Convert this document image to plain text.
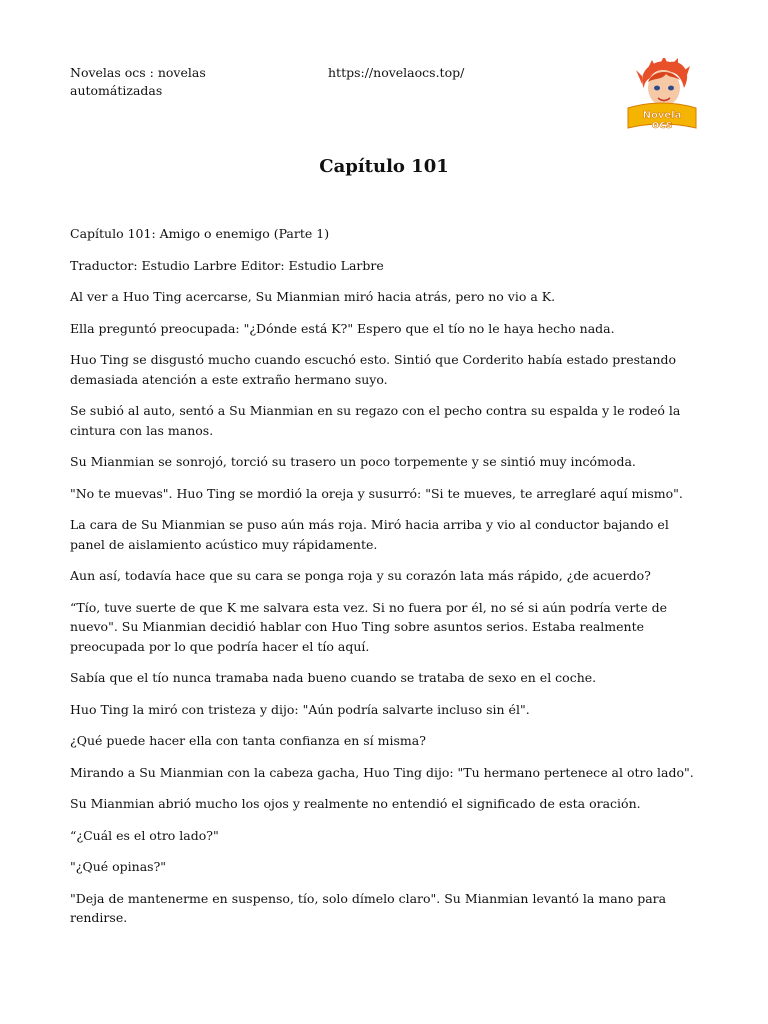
Novelas ocs : novelas automátizadas
https://novelaocs.top/
Novela
ocs
Capítulo 101

Capítulo 101: Amigo o enemigo (Parte 1)

Traductor: Estudio Larbre Editor: Estudio Larbre

Al ver a Huo Ting acercarse, Su Mianmian miró hacia atrás, pero no vio a K.

Ella preguntó preocupada: "¿Dónde está K?" Espero que el tío no le haya hecho nada.

Huo Ting se disgustó mucho cuando escuchó esto. Sintió que Corderito había estado prestando demasiada atención a este extraño hermano suyo.

Se subió al auto, sentó a Su Mianmian en su regazo con el pecho contra su espalda y le rodeó la cintura con las manos.

Su Mianmian se sonrojó, torció su trasero un poco torpemente y se sintió muy incómoda.

"No te muevas". Huo Ting se mordió la oreja y susurró: "Si te mueves, te arreglaré aquí mismo".

La cara de Su Mianmian se puso aún más roja. Miró hacia arriba y vio al conductor bajando el panel de aislamiento acústico muy rápidamente.

Aun así, todavía hace que su cara se ponga roja y su corazón lata más rápido, ¿de acuerdo?

“Tío, tuve suerte de que K me salvara esta vez. Si no fuera por él, no sé si aún podría verte de nuevo". Su Mianmian decidió hablar con Huo Ting sobre asuntos serios. Estaba realmente preocupada por lo que podría hacer el tío aquí.

Sabía que el tío nunca tramaba nada bueno cuando se trataba de sexo en el coche.

Huo Ting la miró con tristeza y dijo: "Aún podría salvarte incluso sin él".

¿Qué puede hacer ella con tanta confianza en sí misma?

Mirando a Su Mianmian con la cabeza gacha, Huo Ting dijo: "Tu hermano pertenece al otro lado".

Su Mianmian abrió mucho los ojos y realmente no entendió el significado de esta oración.

“¿Cuál es el otro lado?"

"¿Qué opinas?"

"Deja de mantenerme en suspenso, tío, solo dímelo claro". Su Mianmian levantó la mano para rendirse.
